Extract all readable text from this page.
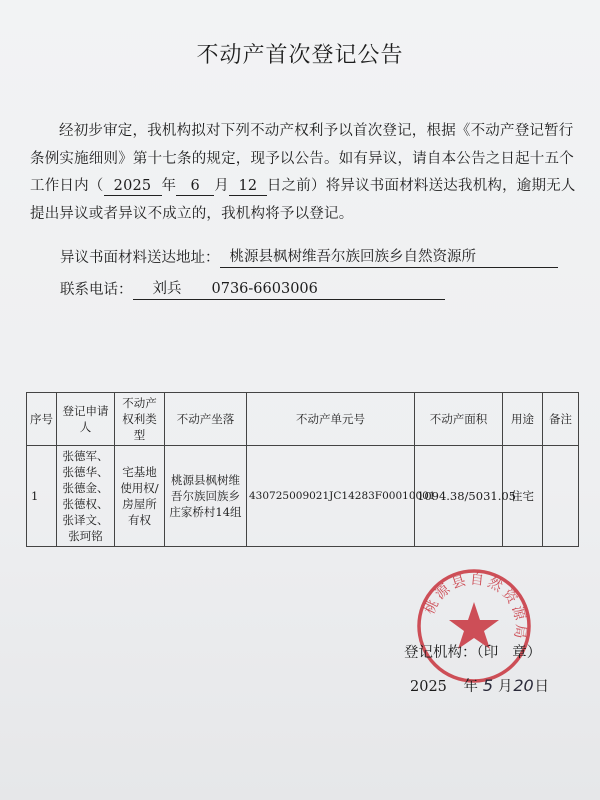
不动产首次登记公告
经初步审定，我机构拟对下列不动产权利予以首次登记，根据《不动产登记暂行条例实施细则》第十七条的规定，现予以公告。如有异议，请自本公告之日起十五个工作日内（ 2025 年 6 月 12 日之前）将异议书面材料送达我机构，逾期无人提出异议或者异议不成立的，我机构将予以登记。
异议书面材料送达地址： 桃源县枫树维吾尔族回族乡自然资源所
联系电话： 刘兵 0736-6603006
序号	登记申请人	不动产权利类型	不动产坐落	不动产单元号	不动产面积	用途	备注
1	张德军、张德华、张德金、张德权、张译文、张珂铭	宅基地使用权/房屋所有权	桃源县枫树维吾尔族回族乡庄家桥村14组	430725009021JC14283F00010001	1094.38/5031.05	住宅	
桃源县自然资源局
登记机构：（印 章）
2025 年 5 月20日
